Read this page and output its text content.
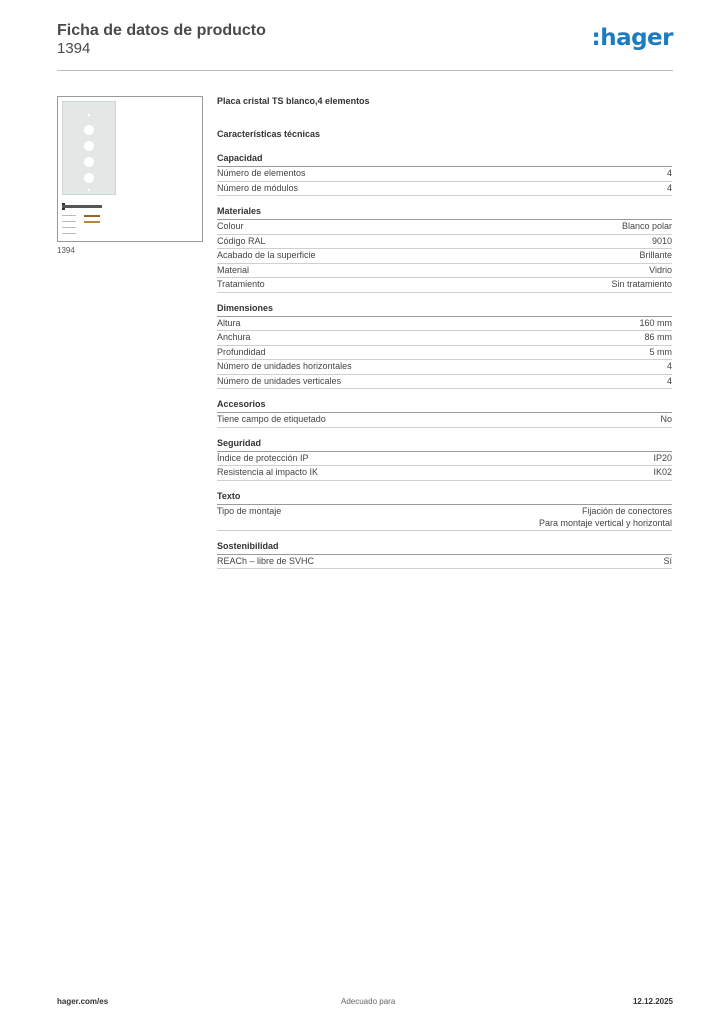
Ficha de datos de producto
1394	:hager
1394
Placa cristal TS blanco,4 elementos
Características técnicas
Capacidad
Número de elementos	4
Número de módulos	4
Materiales
Colour	Blanco polar
Código RAL	9010
Acabado de la superficie	Brillante
Material	Vidrio
Tratamiento	Sin tratamiento
Dimensiones
Altura	160 mm
Anchura	86 mm
Profundidad	5 mm
Número de unidades horizontales	4
Número de unidades verticales	4
Accesorios
Tiene campo de etiquetado	No
Seguridad
Índice de protección IP	IP20
Resistencia al impacto IK	IK02
Texto
Tipo de montaje	Fijación de conectores
Para montaje vertical y horizontal
Sostenibilidad
REACh – libre de SVHC	Sí
hager.com/es	Adecuado para	12.12.2025
